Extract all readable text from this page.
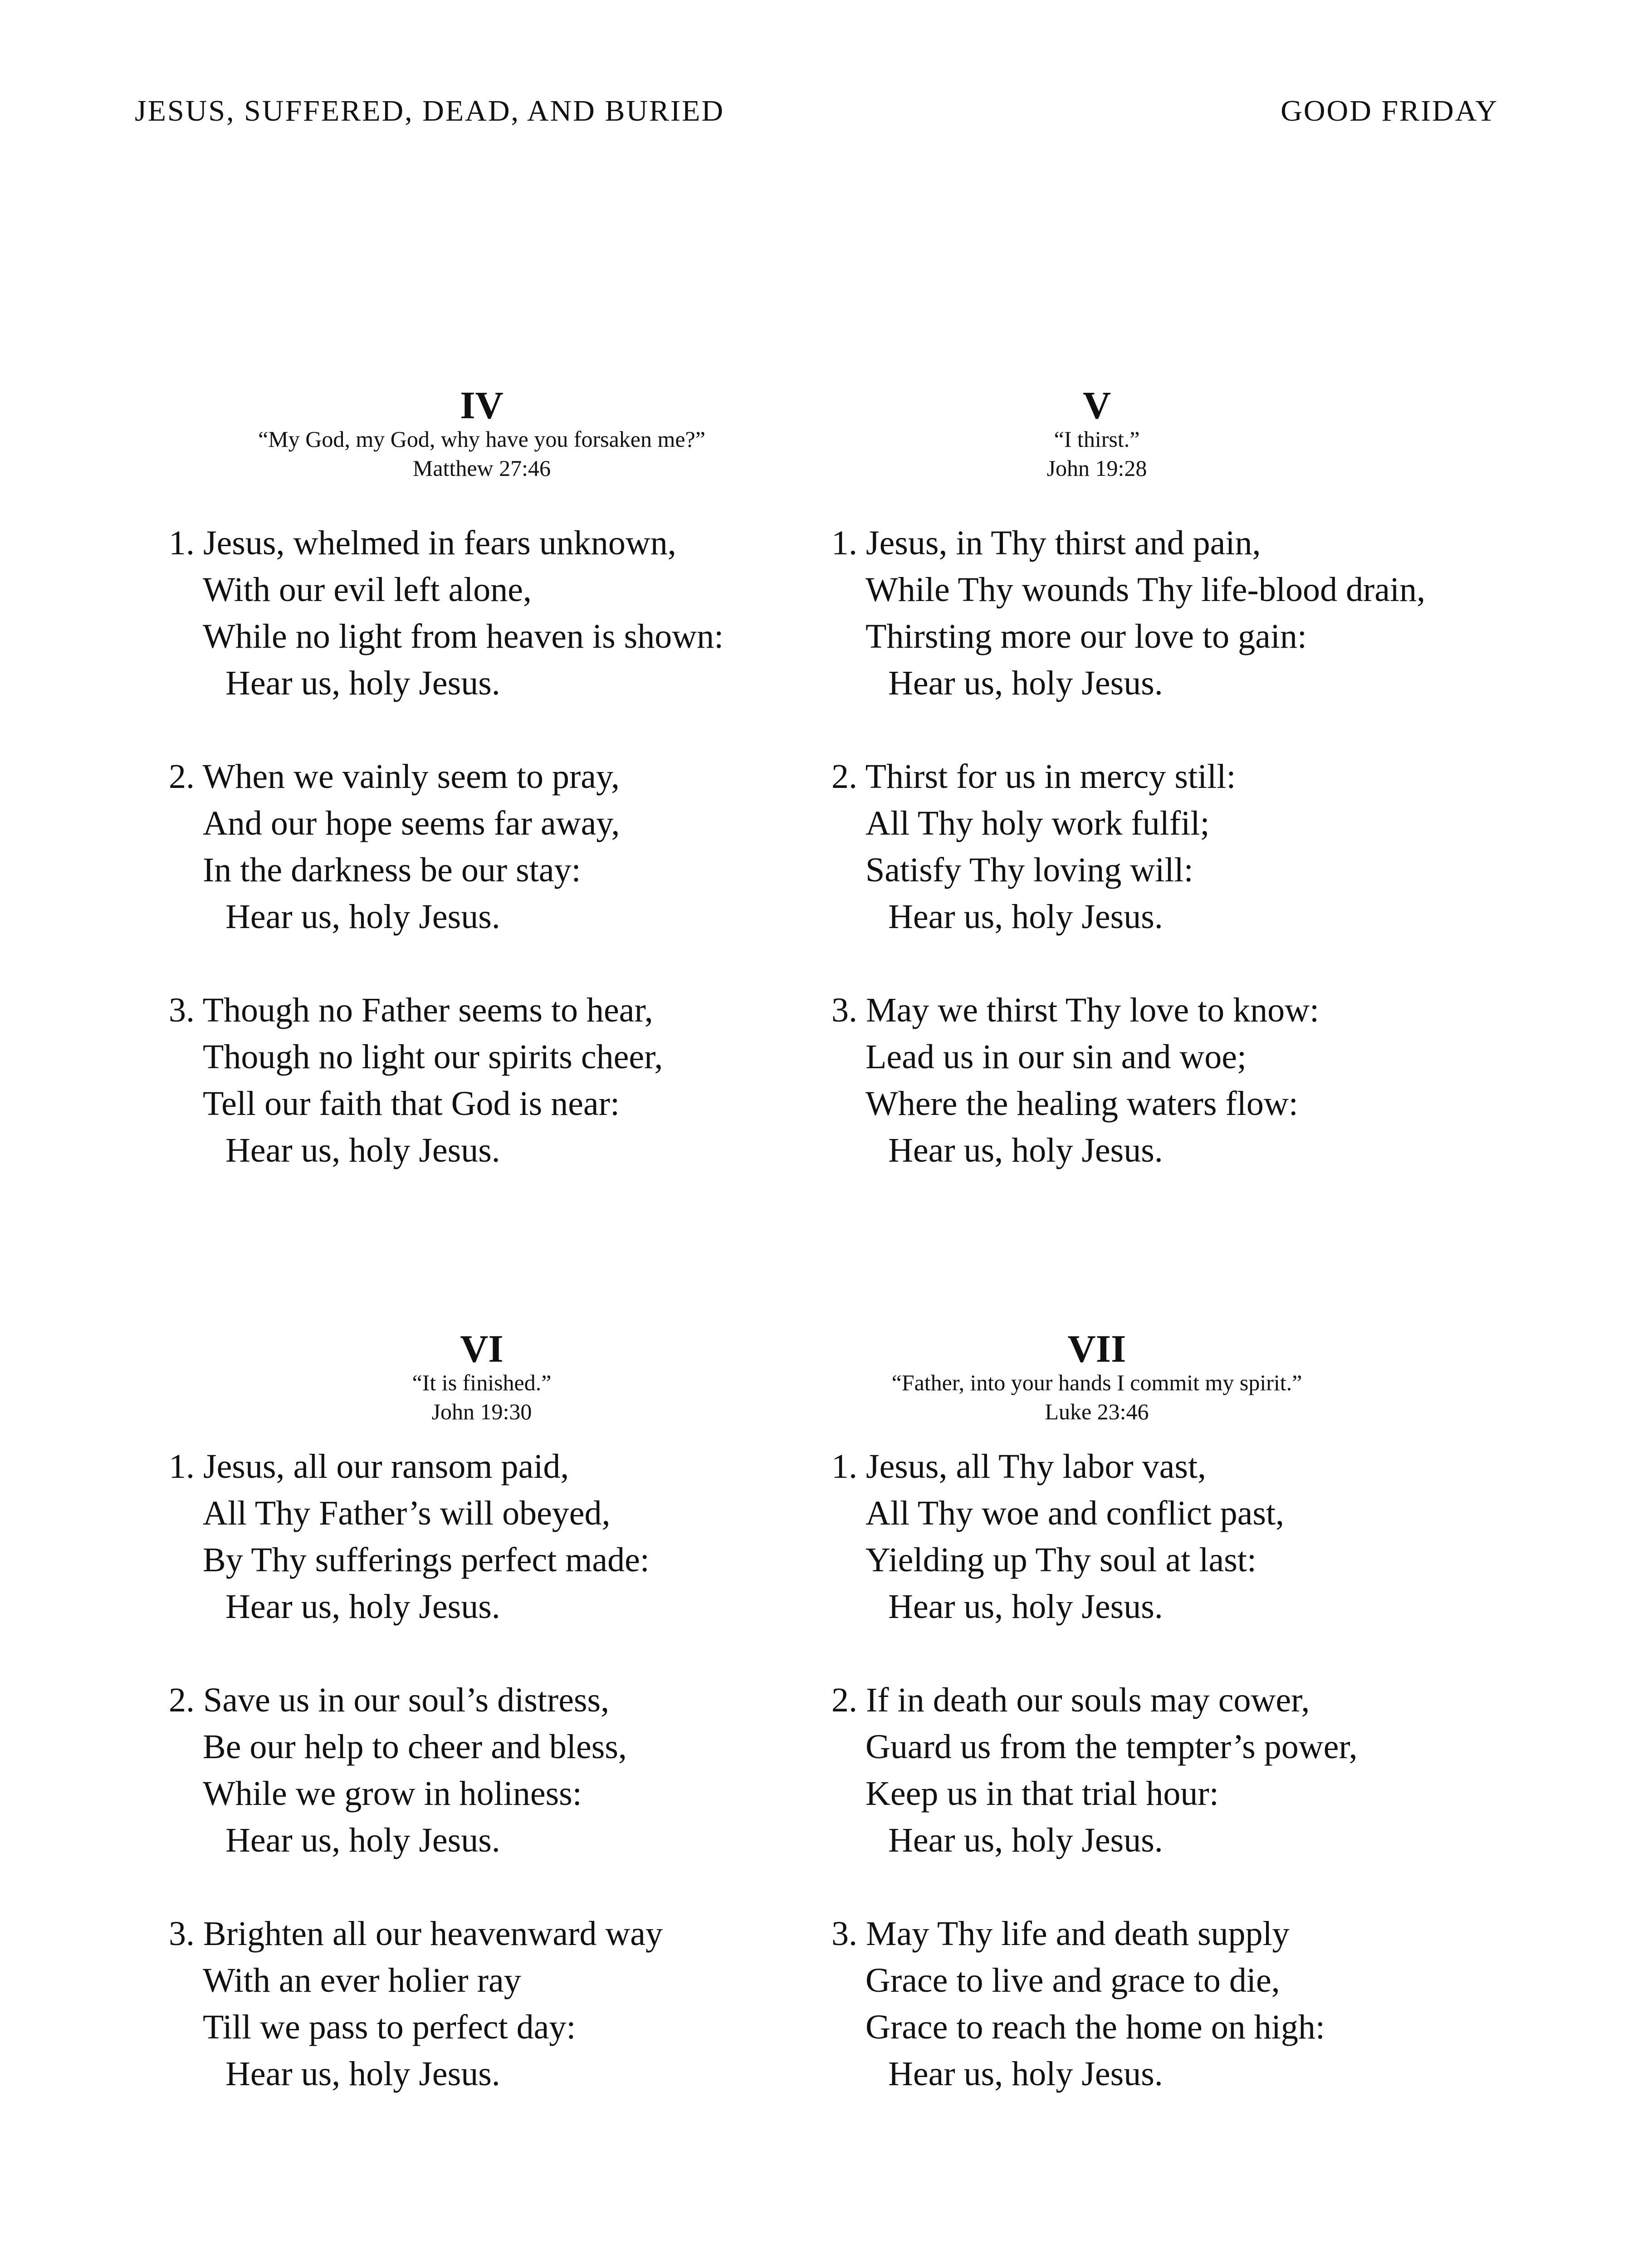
JESUS, SUFFERED, DEAD, AND BURIED	GOOD FRIDAY
IV
“My God, my God, why have you forsaken me?”
Matthew 27:46
1. Jesus, whelmed in fears unknown,
With our evil left alone,
While no light from heaven is shown:
Hear us, holy Jesus.
2. When we vainly seem to pray,
And our hope seems far away,
In the darkness be our stay:
Hear us, holy Jesus.
3. Though no Father seems to hear,
Though no light our spirits cheer,
Tell our faith that God is near:
Hear us, holy Jesus.
V
“I thirst.”
John 19:28
1. Jesus, in Thy thirst and pain,
While Thy wounds Thy life-blood drain,
Thirsting more our love to gain:
Hear us, holy Jesus.
2. Thirst for us in mercy still:
All Thy holy work fulfil;
Satisfy Thy loving will:
Hear us, holy Jesus.
3. May we thirst Thy love to know:
Lead us in our sin and woe;
Where the healing waters flow:
Hear us, holy Jesus.
VI
“It is finished.”
John 19:30
1. Jesus, all our ransom paid,
All Thy Father’s will obeyed,
By Thy sufferings perfect made:
Hear us, holy Jesus.
2. Save us in our soul’s distress,
Be our help to cheer and bless,
While we grow in holiness:
Hear us, holy Jesus.
3. Brighten all our heavenward way
With an ever holier ray
Till we pass to perfect day:
Hear us, holy Jesus.
VII
“Father, into your hands I commit my spirit.”
Luke 23:46
1. Jesus, all Thy labor vast,
All Thy woe and conflict past,
Yielding up Thy soul at last:
Hear us, holy Jesus.
2. If in death our souls may cower,
Guard us from the tempter’s power,
Keep us in that trial hour:
Hear us, holy Jesus.
3. May Thy life and death supply
Grace to live and grace to die,
Grace to reach the home on high:
Hear us, holy Jesus.
